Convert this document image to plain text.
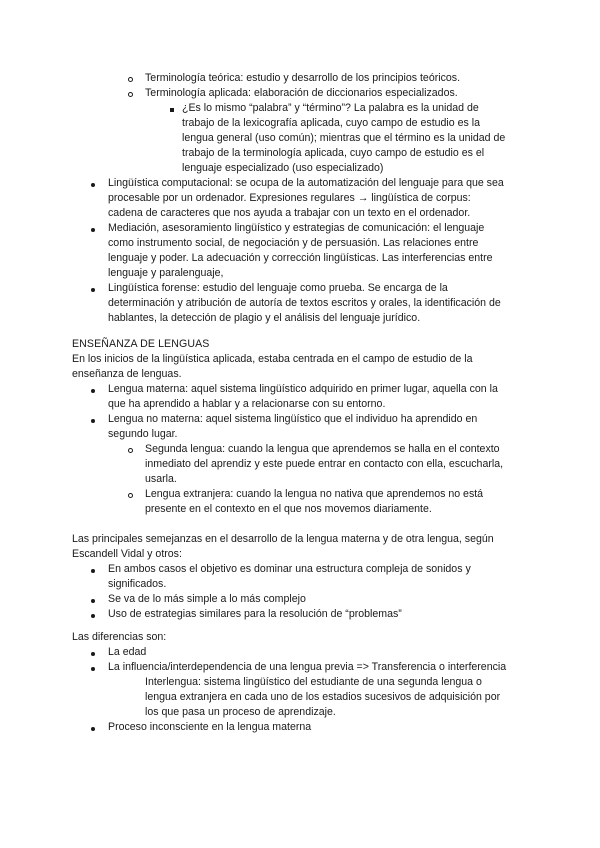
Terminología teórica: estudio y desarrollo de los principios teóricos.

Terminología aplicada: elaboración de diccionarios especializados.

¿Es lo mismo “palabra” y “término”? La palabra es la unidad de

trabajo de la lexicografía aplicada, cuyo campo de estudio es la

lengua general (uso común); mientras que el término es la unidad de

trabajo de la terminología aplicada, cuyo campo de estudio es el

lenguaje especializado (uso especializado)

Lingüística computacional: se ocupa de la automatización del lenguaje para que sea

procesable por un ordenador. Expresiones regulares → lingüística de corpus:

cadena de caracteres que nos ayuda a trabajar con un texto en el ordenador.

Mediación, asesoramiento lingüístico y estrategias de comunicación: el lenguaje

como instrumento social, de negociación y de persuasión. Las relaciones entre

lenguaje y poder. La adecuación y corrección lingüísticas. Las interferencias entre

lenguaje y paralenguaje,

Lingüística forense: estudio del lenguaje como prueba. Se encarga de la

determinación y atribución de autoría de textos escritos y orales, la identificación de

hablantes, la detección de plagio y el análisis del lenguaje jurídico.

ENSEÑANZA DE LENGUAS

En los inicios de la lingüística aplicada, estaba centrada en el campo de estudio de la

enseñanza de lenguas.

Lengua materna: aquel sistema lingüístico adquirido en primer lugar, aquella con la

que ha aprendido a hablar y a relacionarse con su entorno.

Lengua no materna: aquel sistema lingüístico que el individuo ha aprendido en

segundo lugar.

Segunda lengua: cuando la lengua que aprendemos se halla en el contexto

inmediato del aprendiz y este puede entrar en contacto con ella, escucharla,

usarla.

Lengua extranjera: cuando la lengua no nativa que aprendemos no está

presente en el contexto en el que nos movemos diariamente.

Las principales semejanzas en el desarrollo de la lengua materna y de otra lengua, según

Escandell Vidal y otros:

En ambos casos el objetivo es dominar una estructura compleja de sonidos y

significados.

Se va de lo más simple a lo más complejo

Uso de estrategias similares para la resolución de “problemas”

Las diferencias son:

La edad

La influencia/interdependencia de una lengua previa => Transferencia o interferencia

Interlengua: sistema lingüístico del estudiante de una segunda lengua o

lengua extranjera en cada uno de los estadios sucesivos de adquisición por

los que pasa un proceso de aprendizaje.

Proceso inconsciente en la lengua materna
